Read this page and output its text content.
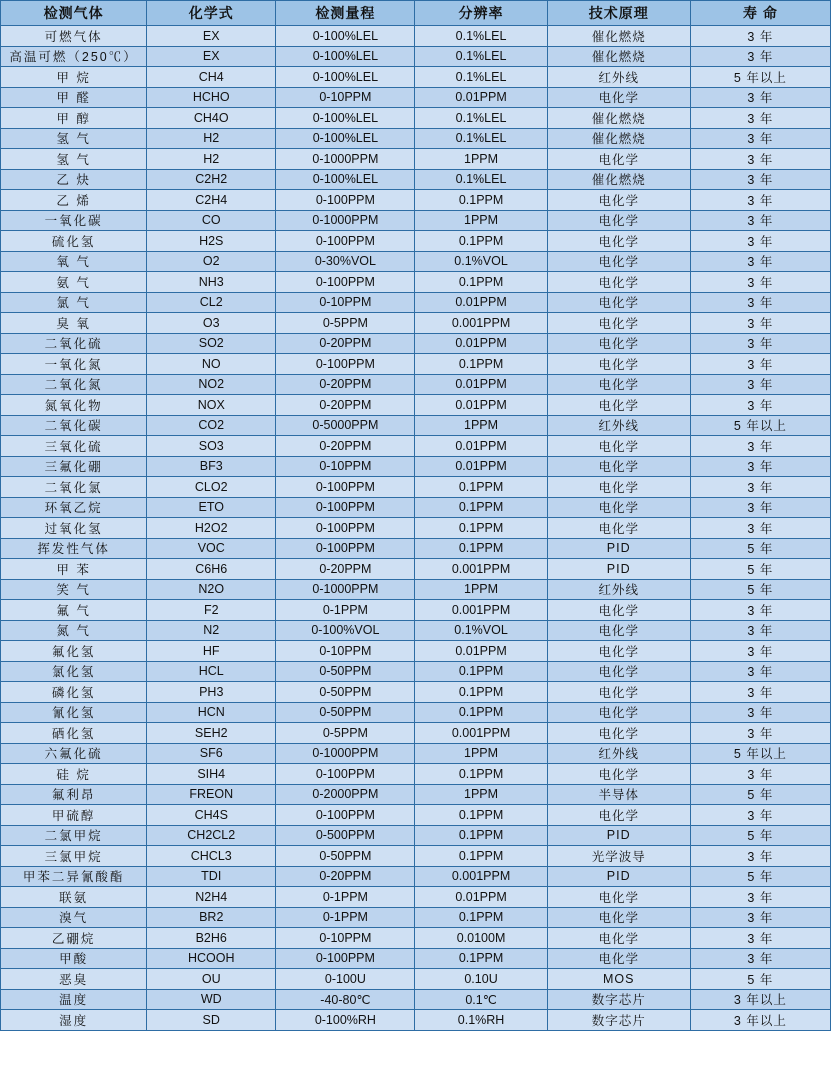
检测气体	化学式	检测量程	分辨率	技术原理	寿 命
可燃气体	EX	0-100%LEL	0.1%LEL	催化燃烧	3 年
高温可燃（250℃）	EX	0-100%LEL	0.1%LEL	催化燃烧	3 年
甲 烷	CH4	0-100%LEL	0.1%LEL	红外线	5 年以上
甲 醛	HCHO	0-10PPM	0.01PPM	电化学	3 年
甲 醇	CH4O	0-100%LEL	0.1%LEL	催化燃烧	3 年
氢 气	H2	0-100%LEL	0.1%LEL	催化燃烧	3 年
氢 气	H2	0-1000PPM	1PPM	电化学	3 年
乙 炔	C2H2	0-100%LEL	0.1%LEL	催化燃烧	3 年
乙 烯	C2H4	0-100PPM	0.1PPM	电化学	3 年
一氧化碳	CO	0-1000PPM	1PPM	电化学	3 年
硫化氢	H2S	0-100PPM	0.1PPM	电化学	3 年
氧 气	O2	0-30%VOL	0.1%VOL	电化学	3 年
氨 气	NH3	0-100PPM	0.1PPM	电化学	3 年
氯 气	CL2	0-10PPM	0.01PPM	电化学	3 年
臭 氧	O3	0-5PPM	0.001PPM	电化学	3 年
二氧化硫	SO2	0-20PPM	0.01PPM	电化学	3 年
一氧化氮	NO	0-100PPM	0.1PPM	电化学	3 年
二氧化氮	NO2	0-20PPM	0.01PPM	电化学	3 年
氮氧化物	NOX	0-20PPM	0.01PPM	电化学	3 年
二氧化碳	CO2	0-5000PPM	1PPM	红外线	5 年以上
三氧化硫	SO3	0-20PPM	0.01PPM	电化学	3 年
三氟化硼	BF3	0-10PPM	0.01PPM	电化学	3 年
二氧化氯	CLO2	0-100PPM	0.1PPM	电化学	3 年
环氧乙烷	ETO	0-100PPM	0.1PPM	电化学	3 年
过氧化氢	H2O2	0-100PPM	0.1PPM	电化学	3 年
挥发性气体	VOC	0-100PPM	0.1PPM	PID	5 年
甲 苯	C6H6	0-20PPM	0.001PPM	PID	5 年
笑 气	N2O	0-1000PPM	1PPM	红外线	5 年
氟 气	F2	0-1PPM	0.001PPM	电化学	3 年
氮 气	N2	0-100%VOL	0.1%VOL	电化学	3 年
氟化氢	HF	0-10PPM	0.01PPM	电化学	3 年
氯化氢	HCL	0-50PPM	0.1PPM	电化学	3 年
磷化氢	PH3	0-50PPM	0.1PPM	电化学	3 年
氰化氢	HCN	0-50PPM	0.1PPM	电化学	3 年
硒化氢	SEH2	0-5PPM	0.001PPM	电化学	3 年
六氟化硫	SF6	0-1000PPM	1PPM	红外线	5 年以上
硅 烷	SIH4	0-100PPM	0.1PPM	电化学	3 年
氟利昂	FREON	0-2000PPM	1PPM	半导体	5 年
甲硫醇	CH4S	0-100PPM	0.1PPM	电化学	3 年
二氯甲烷	CH2CL2	0-500PPM	0.1PPM	PID	5 年
三氯甲烷	CHCL3	0-50PPM	0.1PPM	光学波导	3 年
甲苯二异氰酸酯	TDI	0-20PPM	0.001PPM	PID	5 年
联氨	N2H4	0-1PPM	0.01PPM	电化学	3 年
溴气	BR2	0-1PPM	0.1PPM	电化学	3 年
乙硼烷	B2H6	0-10PPM	0.0100M	电化学	3 年
甲酸	HCOOH	0-100PPM	0.1PPM	电化学	3 年
恶臭	OU	0-100U	0.10U	MOS	5 年
温度	WD	-40-80℃	0.1℃	数字芯片	3 年以上
湿度	SD	0-100%RH	0.1%RH	数字芯片	3 年以上
